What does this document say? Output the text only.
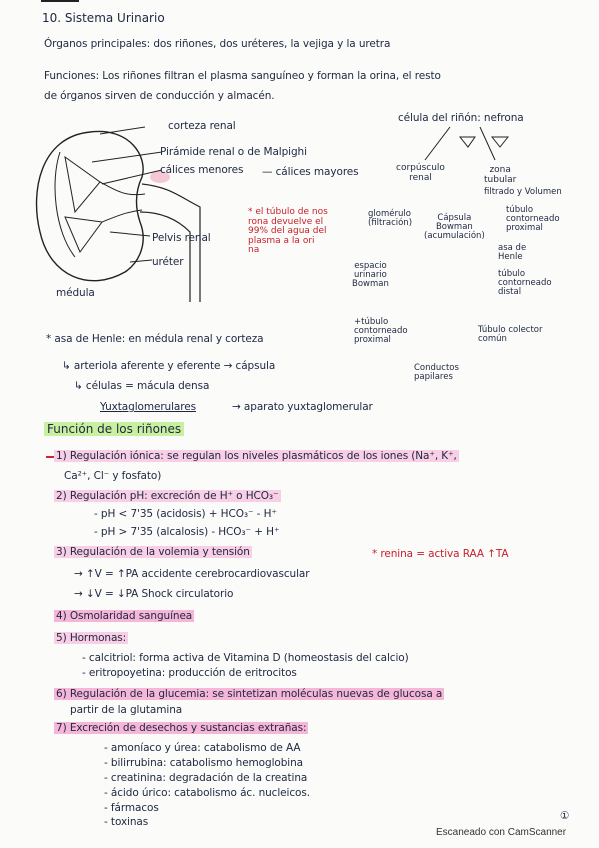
10. Sistema Urinario
Órganos principales: dos riñones, dos uréteres, la vejiga y la uretra
Funciones: Los riñones filtran el plasma sanguíneo y forman la orina, el resto
de órganos sirven de conducción y almacén.
corteza renal
Pirámide renal o de Malpighi
cálices menores — cálices mayores
Pelvis renal
uréter
médula
* el túbulo de nos
rona devuelve el
99% del agua del
plasma a la ori
na
célula del riñón: nefrona
corpúsculo
renal
zona
tubular
filtrado y Volumen
glomérulo
(filtración)	Cápsula
Bowman
(acumulación)
túbulo
contorneado
proximal
asa de
Henle
túbulo
contorneado
distal
espacio
urinario
Bowman
+túbulo
contorneado
proximal
Túbulo colector
común
Conductos
papilares
* asa de Henle: en médula renal y corteza
↳ arteriola aferente y eferente → cápsula
↳ células = mácula densa
Yuxtaglomerulares	→ aparato yuxtaglomerular
Función de los riñones
1) Regulación iónica: se regulan los niveles plasmáticos de los iones (Na⁺, K⁺,
Ca²⁺, Cl⁻ y fosfato)
2) Regulación pH: excreción de H⁺ o HCO₃⁻
- pH < 7'35 (acidosis) + HCO₃⁻ - H⁺
- pH > 7'35 (alcalosis) - HCO₃⁻ + H⁺
3) Regulación de la volemia y tensión	* renina = activa RAA ↑TA
→ ↑V = ↑PA accidente cerebrocardiovascular
→ ↓V = ↓PA Shock circulatorio
4) Osmolaridad sanguínea
5) Hormonas:
- calcitriol: forma activa de Vitamina D (homeostasis del calcio)
- eritropoyetina: producción de eritrocitos
6) Regulación de la glucemia: se sintetizan moléculas nuevas de glucosa a
partir de la glutamina
7) Excreción de desechos y sustancias extrañas:
- amoníaco y úrea: catabolismo de AA
- bilirrubina: catabolismo hemoglobina
- creatinina: degradación de la creatina
- ácido úrico: catabolismo ác. nucleicos.
- fármacos
- toxinas	①
Escaneado con CamScanner
